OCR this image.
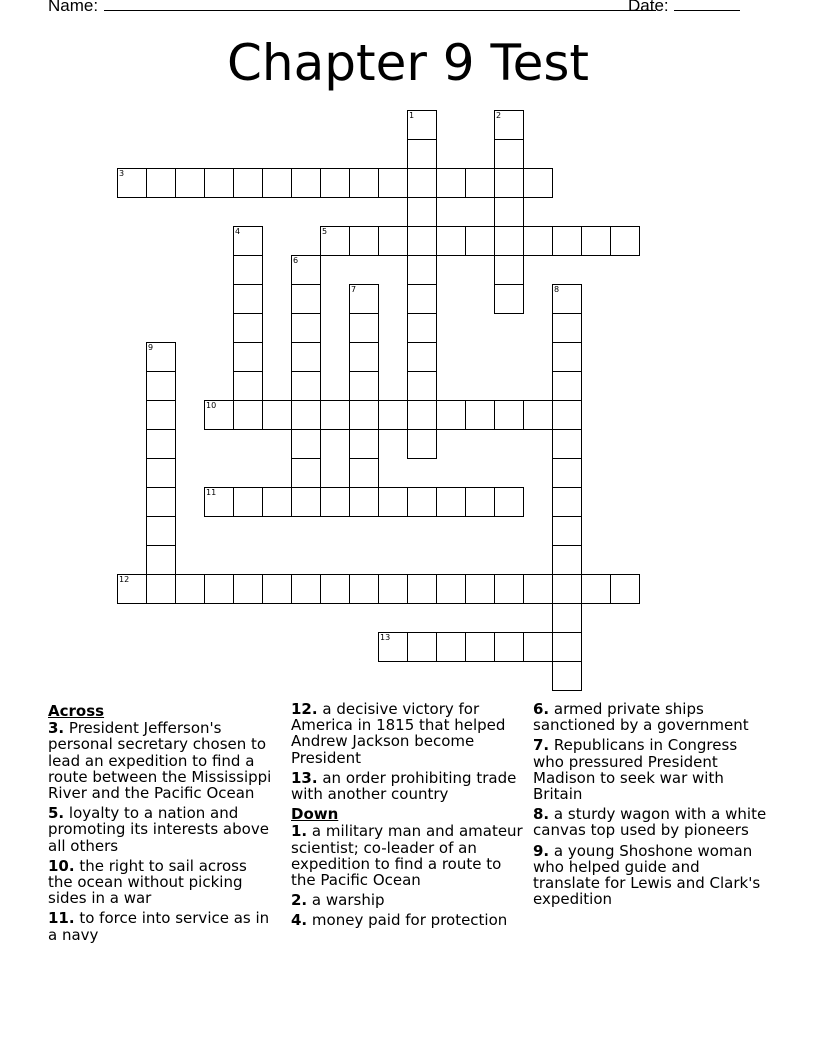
Name:	Date:
Chapter 9 Test
1	2
3
4	5
6
7	8
9
10
11
12
13
Across
3. President Jefferson's personal secretary chosen to lead an expedition to find a route between the Mississippi River and the Pacific Ocean
5. loyalty to a nation and promoting its interests above all others
10. the right to sail across the ocean without picking sides in a war
11. to force into service as in a navy
12. a decisive victory for America in 1815 that helped Andrew Jackson become President
13. an order prohibiting trade with another country
Down
1. a military man and amateur scientist; co-leader of an expedition to find a route to the Pacific Ocean
2. a warship
4. money paid for protection
6. armed private ships sanctioned by a government
7. Republicans in Congress who pressured President Madison to seek war with Britain
8. a sturdy wagon with a white canvas top used by pioneers
9. a young Shoshone woman who helped guide and translate for Lewis and Clark's expedition
